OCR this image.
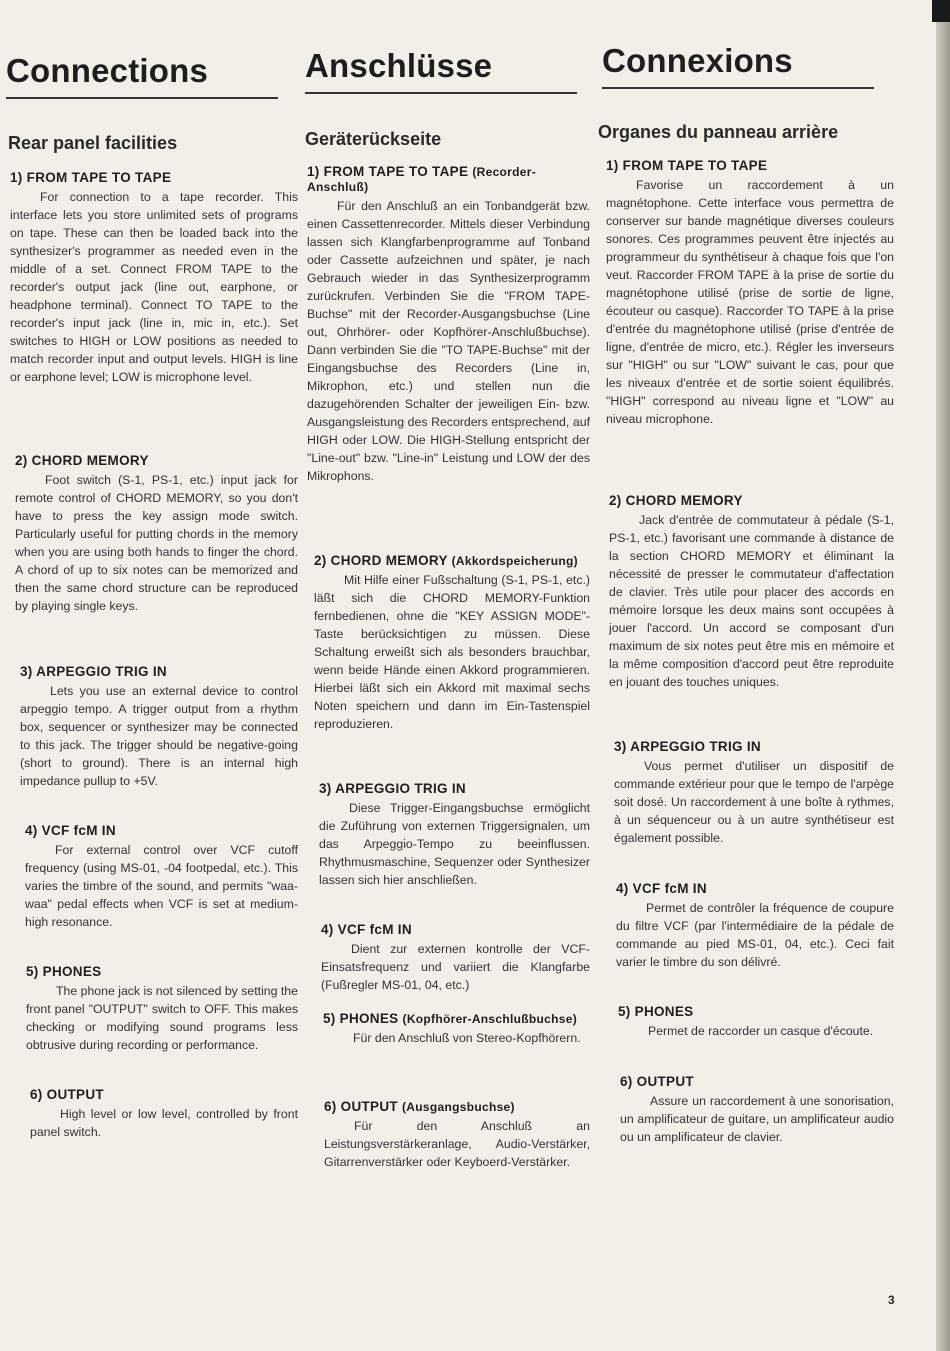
Connections
Rear panel facilities
1) FROM TAPE TO TAPE

For connection to a tape recorder. This interface lets you store unlimited sets of programs on tape. These can then be loaded back into the synthesizer's programmer as needed even in the middle of a set. Connect FROM TAPE to the recorder's output jack (line out, earphone, or headphone terminal). Connect TO TAPE to the recorder's input jack (line in, mic in, etc.). Set switches to HIGH or LOW positions as needed to match recorder input and output levels. HIGH is line or earphone level; LOW is microphone level.

2) CHORD MEMORY

Foot switch (S-1, PS-1, etc.) input jack for remote control of CHORD MEMORY, so you don't have to press the key assign mode switch. Particularly useful for putting chords in the memory when you are using both hands to finger the chord. A chord of up to six notes can be memorized and then the same chord structure can be reproduced by playing single keys.

3) ARPEGGIO TRIG IN

Lets you use an external device to control arpeggio tempo. A trigger output from a rhythm box, sequencer or synthesizer may be connected to this jack. The trigger should be negative-going (short to ground). There is an internal high impedance pullup to +5V.

4) VCF fcM IN

For external control over VCF cutoff frequency (using MS-01, -04 footpedal, etc.). This varies the timbre of the sound, and permits "waa-waa" pedal effects when VCF is set at medium-high resonance.

5) PHONES

The phone jack is not silenced by setting the front panel "OUTPUT" switch to OFF. This makes checking or modifying sound programs less obtrusive during recording or performance.

6) OUTPUT

High level or low level, controlled by front panel switch.

Anschlüsse
Geräterückseite
1) FROM TAPE TO TAPE (Recorder-Anschluß)

Für den Anschluß an ein Tonbandgerät bzw. einen Cassettenrecorder. Mittels dieser Verbindung lassen sich Klangfarbenprogramme auf Tonband oder Cassette aufzeichnen und später, je nach Gebrauch wieder in das Synthesizerprogramm zurückrufen. Verbinden Sie die "FROM TAPE-Buchse" mit der Recorder-Ausgangsbuchse (Line out, Ohrhörer- oder Kopfhörer-Anschlußbuchse). Dann verbinden Sie die "TO TAPE-Buchse" mit der Eingangsbuchse des Recorders (Line in, Mikrophon, etc.) und stellen nun die dazugehörenden Schalter der jeweiligen Ein- bzw. Ausgangsleistung des Recorders entsprechend, auf HIGH oder LOW. Die HIGH-Stellung entspricht der "Line-out" bzw. "Line-in" Leistung und LOW der des Mikrophons.

2) CHORD MEMORY (Akkordspeicherung)

Mit Hilfe einer Fußschaltung (S-1, PS-1, etc.) läßt sich die CHORD MEMORY-Funktion fernbedienen, ohne die "KEY ASSIGN MODE"-Taste berücksichtigen zu müssen. Diese Schaltung erweißt sich als besonders brauchbar, wenn beide Hände einen Akkord programmieren. Hierbei läßt sich ein Akkord mit maximal sechs Noten speichern und dann im Ein-Tastenspiel reproduzieren.

3) ARPEGGIO TRIG IN

Diese Trigger-Eingangsbuchse ermöglicht die Zuführung von externen Triggersignalen, um das Arpeggio-Tempo zu beeinflussen. Rhythmusmaschine, Sequenzer oder Synthesizer lassen sich hier anschließen.

4) VCF fcM IN

Dient zur externen kontrolle der VCF-Einsatsfrequenz und variiert die Klangfarbe (Fußregler MS-01, 04, etc.)

5) PHONES (Kopfhörer-Anschlußbuchse)

Für den Anschluß von Stereo-Kopfhörern.

6) OUTPUT (Ausgangsbuchse)

Für den Anschluß an Leistungsverstärkeranlage, Audio-Verstärker, Gitarrenverstärker oder Keyboerd-Verstärker.

Connexions
Organes du panneau arrière
1) FROM TAPE TO TAPE

Favorise un raccordement à un magnétophone. Cette interface vous permettra de conserver sur bande magnétique diverses couleurs sonores. Ces programmes peuvent être injectés au programmeur du synthétiseur à chaque fois que l'on veut. Raccorder FROM TAPE à la prise de sortie du magnétophone utilisé (prise de sortie de ligne, écouteur ou casque). Raccorder TO TAPE à la prise d'entrée du magnétophone utilisé (prise d'entrée de ligne, d'entrée de micro, etc.). Régler les inverseurs sur "HIGH" ou sur "LOW" suivant le cas, pour que les niveaux d'entrée et de sortie soient équilibrés. "HIGH" correspond au niveau ligne et "LOW" au niveau microphone.

2) CHORD MEMORY

Jack d'entrée de commutateur à pédale (S-1, PS-1, etc.) favorisant une commande à distance de la section CHORD MEMORY et éliminant la nécessité de presser le commutateur d'affectation de clavier. Très utile pour placer des accords en mémoire lorsque les deux mains sont occupées à jouer l'accord. Un accord se composant d'un maximum de six notes peut être mis en mémoire et la même composition d'accord peut être reproduite en jouant des touches uniques.

3) ARPEGGIO TRIG IN

Vous permet d'utiliser un dispositif de commande extérieur pour que le tempo de l'arpège soit dosé. Un raccordement à une boîte à rythmes, à un séquenceur ou à un autre synthétiseur est également possible.

4) VCF fcM IN

Permet de contrôler la fréquence de coupure du filtre VCF (par l'intermédiaire de la pédale de commande au pied MS-01, 04, etc.). Ceci fait varier le timbre du son délivré.

5) PHONES

Permet de raccorder un casque d'écoute.

6) OUTPUT

Assure un raccordement à une sonorisation, un amplificateur de guitare, un amplificateur audio ou un amplificateur de clavier.

3
